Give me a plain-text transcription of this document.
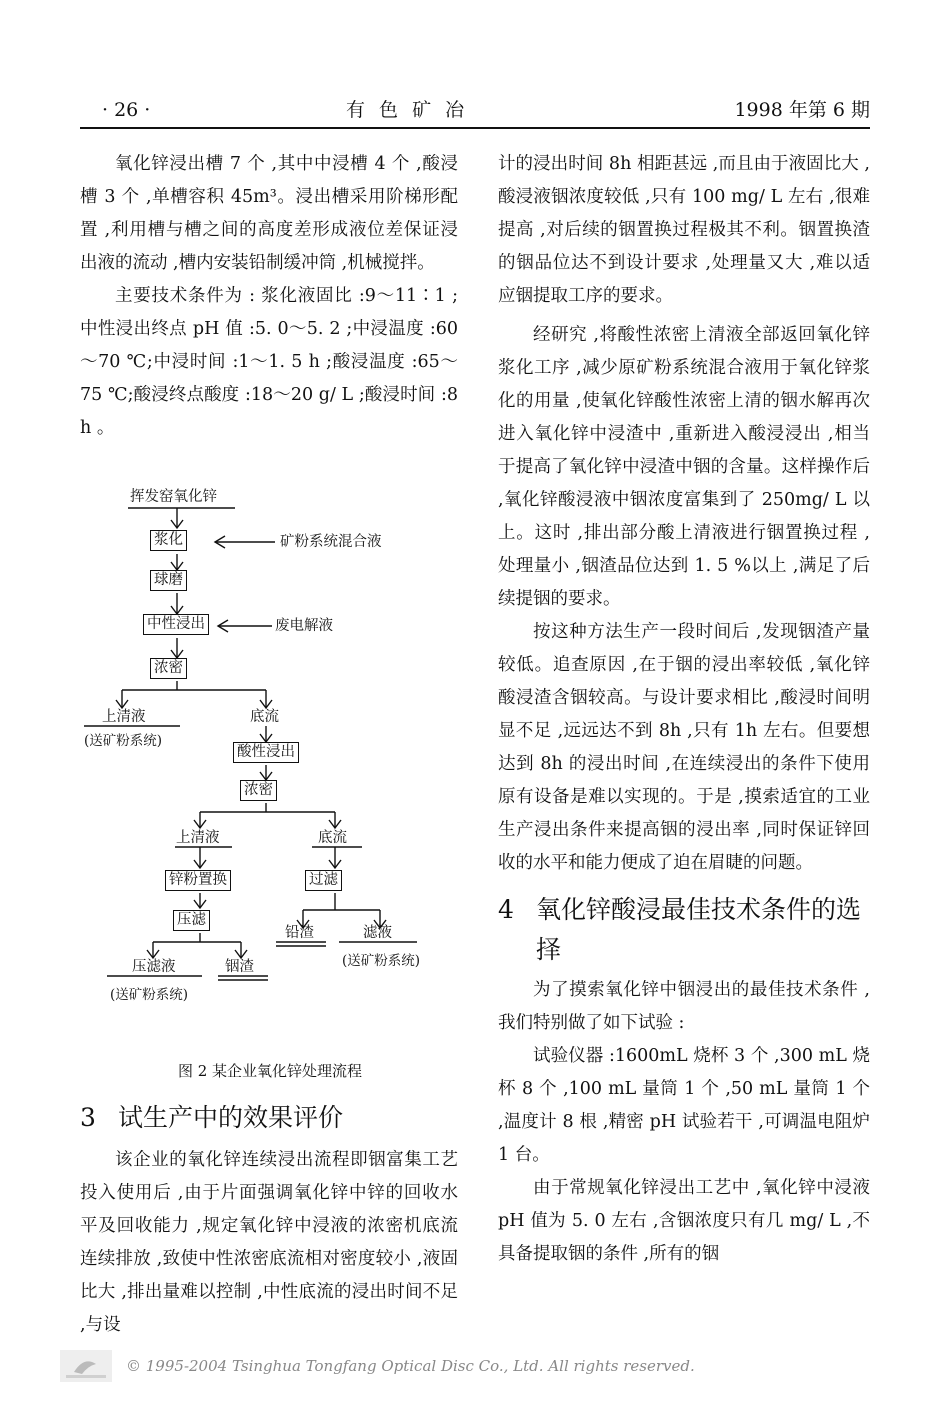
· 26 ·	有 色 矿 冶	1998 年第 6 期

氧化锌浸出槽 7 个 ,其中中浸槽 4 个 ,酸浸槽 3 个 ,单槽容积 45m³。浸出槽采用阶梯形配置 ,利用槽与槽之间的高度差形成液位差保证浸出液的流动 ,槽内安装铅制缓冲筒 ,机械搅拌。

主要技术条件为 : 浆化液固比 :9～11∶1 ;中性浸出终点 pH 值 :5. 0～5. 2 ;中浸温度 :60～70 ℃;中浸时间 :1～1. 5 h ;酸浸温度 :65～75 ℃;酸浸终点酸度 :18～20 g/ L ;酸浸时间 :8 h 。

挥发窑氧化锌
浆化	矿粉系统混合液
球磨
中性浸出	废电解液
浓密
上清液
(送矿粉系统)
底流
酸性浸出
浓密
上清液	底流
锌粉置换	过滤
压滤
铅渣	滤液
(送矿粉系统)
压滤液
(送矿粉系统)
铟渣
图 2 某企业氧化锌处理流程
3 试生产中的效果评价

该企业的氧化锌连续浸出流程即铟富集工艺投入使用后 ,由于片面强调氧化锌中锌的回收水平及回收能力 ,规定氧化锌中浸液的浓密机底流连续排放 ,致使中性浓密底流相对密度较小 ,液固比大 ,排出量难以控制 ,中性底流的浸出时间不足 ,与设

计的浸出时间 8h 相距甚远 ,而且由于液固比大 ,酸浸液铟浓度较低 ,只有 100 mg/ L 左右 ,很难提高 ,对后续的铟置换过程极其不利。铟置换渣的铟品位达不到设计要求 ,处理量又大 ,难以适应铟提取工序的要求。

经研究 ,将酸性浓密上清液全部返回氧化锌浆化工序 ,减少原矿粉系统混合液用于氧化锌浆化的用量 ,使氧化锌酸性浓密上清的铟水解再次进入氧化锌中浸渣中 ,重新进入酸浸浸出 ,相当于提高了氧化锌中浸渣中铟的含量。这样操作后 ,氧化锌酸浸液中铟浓度富集到了 250mg/ L 以上。这时 ,排出部分酸上清液进行铟置换过程 ,处理量小 ,铟渣品位达到 1. 5 %以上 ,满足了后续提铟的要求。

按这种方法生产一段时间后 ,发现铟渣产量较低。追查原因 ,在于铟的浸出率较低 ,氧化锌酸浸渣含铟较高。与设计要求相比 ,酸浸时间明显不足 ,远远达不到 8h ,只有 1h 左右。但要想达到 8h 的浸出时间 ,在连续浸出的条件下使用原有设备是难以实现的。于是 ,摸索适宜的工业生产浸出条件来提高铟的浸出率 ,同时保证锌回收的水平和能力便成了迫在眉睫的问题。

4 氧化锌酸浸最佳技术条件的选择

为了摸索氧化锌中铟浸出的最佳技术条件 ,我们特别做了如下试验 :

试验仪器 :1600mL 烧杯 3 个 ,300 mL 烧杯 8 个 ,100 mL 量筒 1 个 ,50 mL 量筒 1 个 ,温度计 8 根 ,精密 pH 试验若干 ,可调温电阻炉 1 台。

由于常规氧化锌浸出工艺中 ,氧化锌中浸液 pH 值为 5. 0 左右 ,含铟浓度只有几 mg/ L ,不具备提取铟的条件 ,所有的铟

© 1995-2004 Tsinghua Tongfang Optical Disc Co., Ltd. All rights reserved.
